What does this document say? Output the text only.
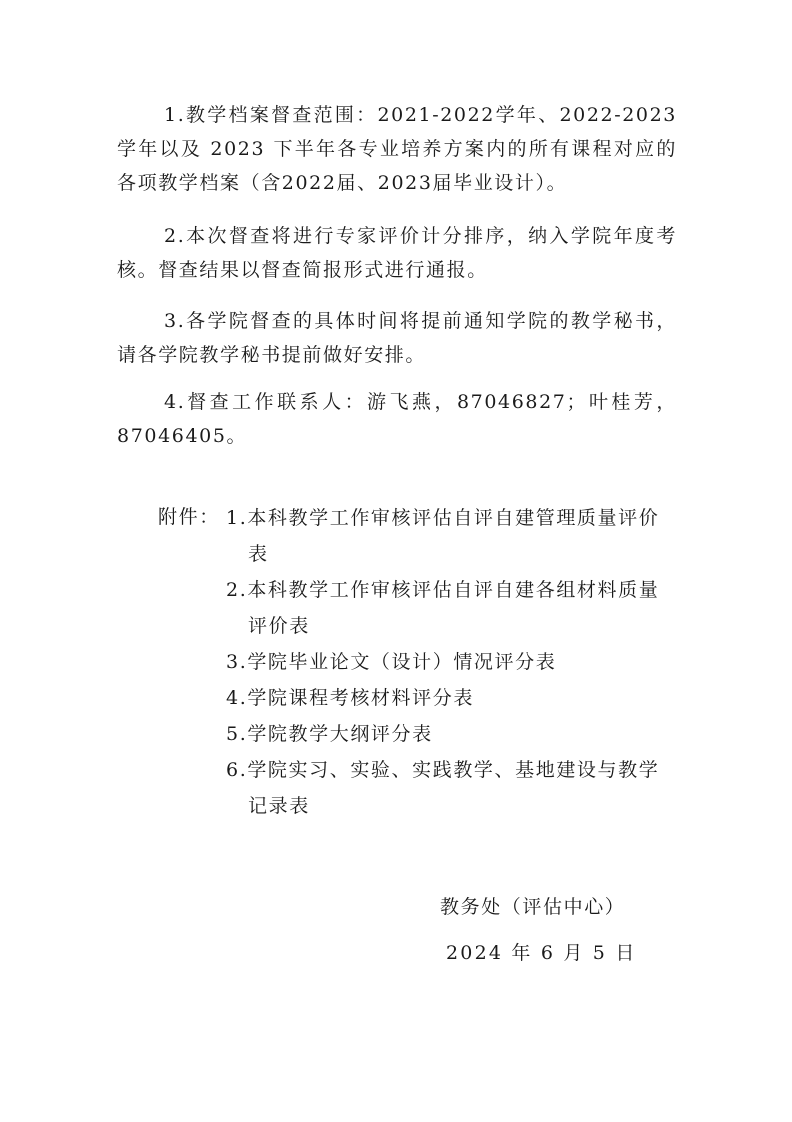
1.教学档案督查范围：2021-2022学年、2022-2023学年以及 2023 下半年各专业培养方案内的所有课程对应的各项教学档案（含2022届、2023届毕业设计）。

2.本次督查将进行专家评价计分排序，纳入学院年度考核。督查结果以督查简报形式进行通报。

3.各学院督查的具体时间将提前通知学院的教学秘书，请各学院教学秘书提前做好安排。

4.督查工作联系人：游飞燕，87046827；叶桂芳，87046405。

附件： 1.本科教学工作审核评估自评自建管理质量评价表
2.本科教学工作审核评估自评自建各组材料质量评价表
3.学院毕业论文（设计）情况评分表
4.学院课程考核材料评分表
5.学院教学大纲评分表
6.学院实习、实验、实践教学、基地建设与教学记录表
教务处（评估中心）
2024 年 6 月 5 日
